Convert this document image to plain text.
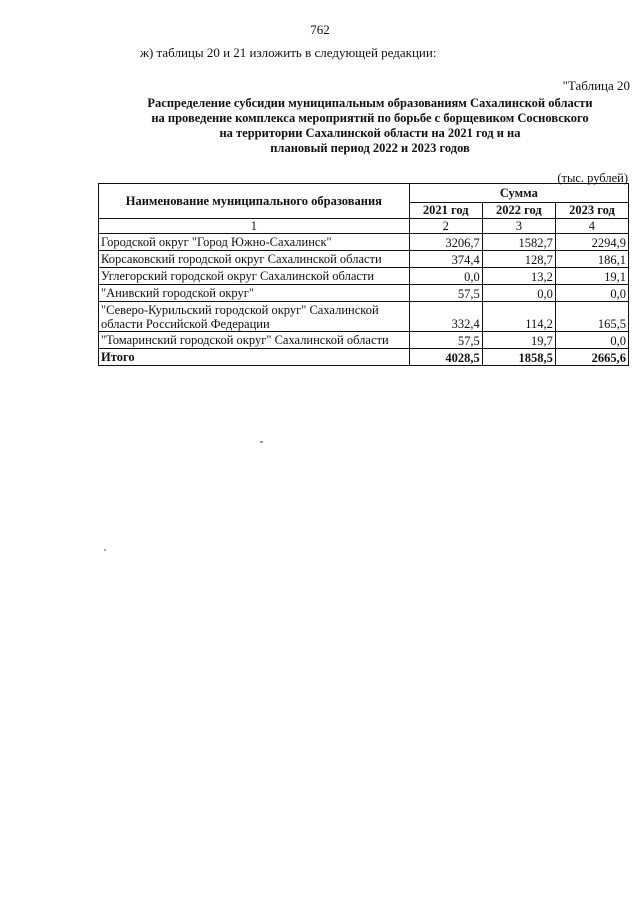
762
ж) таблицы 20 и 21 изложить в следующей редакции:
"Таблица 20
Распределение субсидии муниципальным образованиям Сахалинской области
на проведение комплекса мероприятий по борьбе с борщевиком Сосновского
на территории Сахалинской области на 2021 год и на
плановый период 2022 и 2023 годов
(тыс. рублей)
Наименование муниципального образования	Сумма		
	2021 год	2022 год	2023 год
1	2	3	4
Городской округ "Город Южно-Сахалинск"	3206,7	1582,7	2294,9
Корсаковский городской округ Сахалинской области	374,4	128,7	186,1
Углегорский городской округ Сахалинской области	0,0	13,2	19,1
"Анивский городской округ"	57,5	0,0	0,0
"Северо-Курильский городской округ" Сахалинской
области Российской Федерации	332,4	114,2	165,5
"Томаринский городской округ" Сахалинской области	57,5	19,7	0,0
Итого	4028,5	1858,5	2665,6
